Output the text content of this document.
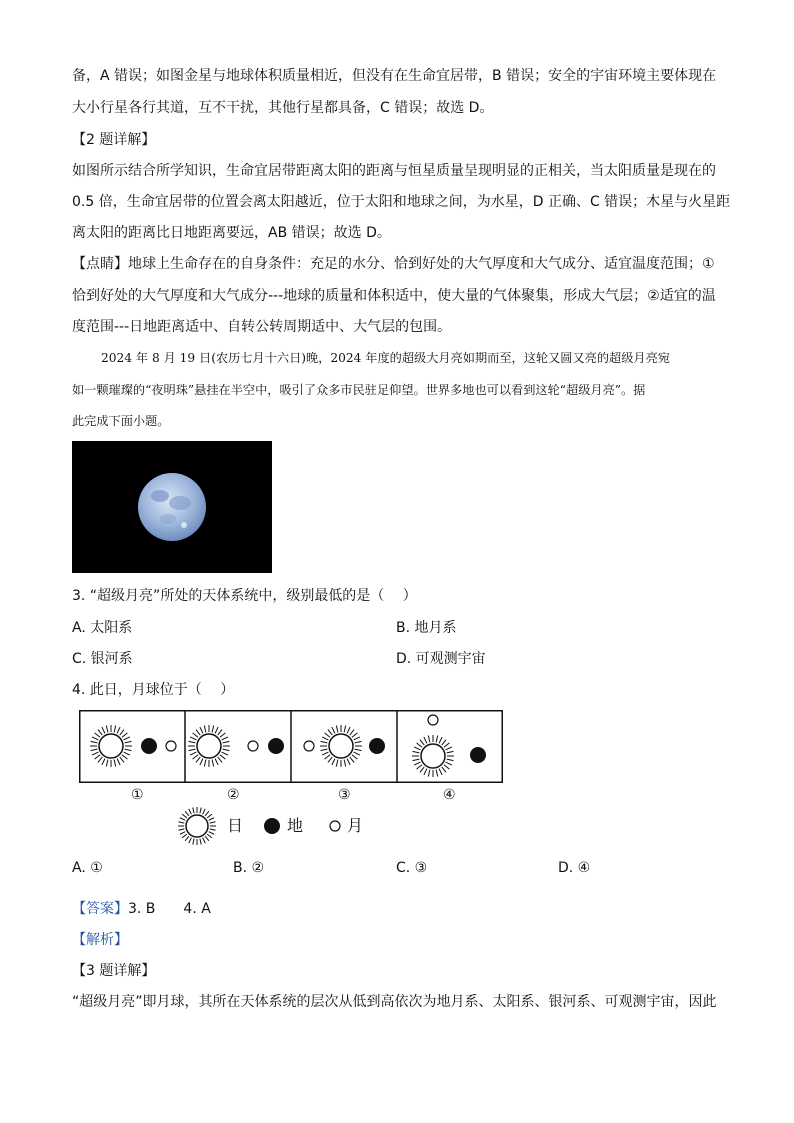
备，A 错误；如图金星与地球体积质量相近，但没有在生命宜居带，B 错误；安全的宇宙环境主要体现在
大小行星各行其道，互不干扰，其他行星都具备，C 错误；故选 D。
【2 题详解】
如图所示结合所学知识，生命宜居带距离太阳的距离与恒星质量呈现明显的正相关，当太阳质量是现在的
0.5 倍，生命宜居带的位置会离太阳越近，位于太阳和地球之间，为水星，D 正确、C 错误；木星与火星距
离太阳的距离比日地距离要远，AB 错误；故选 D。
【点睛】地球上生命存在的自身条件：充足的水分、恰到好处的大气厚度和大气成分、适宜温度范围；①
恰到好处的大气厚度和大气成分---地球的质量和体积适中，使大量的气体聚集，形成大气层；②适宜的温
度范围---日地距离适中、自转公转周期适中、大气层的包围。
2024 年 8 月 19 日(农历七月十六日)晚，2024 年度的超级大月亮如期而至，这轮又圆又亮的超级月亮宛
如一颗璀璨的“夜明珠”悬挂在半空中，吸引了众多市民驻足仰望。世界多地也可以看到这轮“超级月亮”。据
此完成下面小题。
3. “超级月亮”所处的天体系统中，级别最低的是（　 ）
A. 太阳系	B. 地月系
C. 银河系	D. 可观测宇宙
4. 此日，月球位于（　 ）
①	②	③	④
日	地	月
A. ①	B. ②	C. ③	D. ④
【答案】3. B　　4. A
【解析】
【3 题详解】
“超级月亮”即月球，其所在天体系统的层次从低到高依次为地月系、太阳系、银河系、可观测宇宙，因此
